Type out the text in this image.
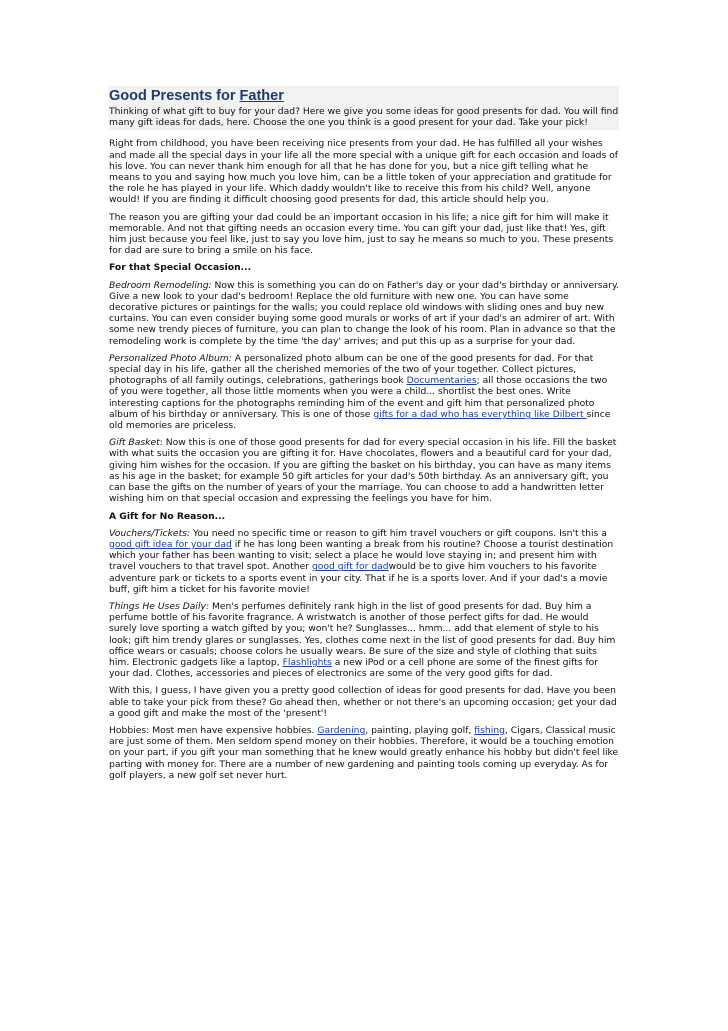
Good Presents for Father

Thinking of what gift to buy for your dad? Here we give you some ideas for good presents for dad. You will find many gift ideas for dads, here. Choose the one you think is a good present for your dad. Take your pick!

Right from childhood, you have been receiving nice presents from your dad. He has fulfilled all your wishes and made all the special days in your life all the more special with a unique gift for each occasion and loads of his love. You can never thank him enough for all that he has done for you, but a nice gift telling what he means to you and saying how much you love him, can be a little token of your appreciation and gratitude for the role he has played in your life. Which daddy wouldn't like to receive this from his child? Well, anyone would! If you are finding it difficult choosing good presents for dad, this article should help you.

The reason you are gifting your dad could be an important occasion in his life; a nice gift for him will make it memorable. And not that gifting needs an occasion every time. You can gift your dad, just like that! Yes, gift him just because you feel like, just to say you love him, just to say he means so much to you. These presents for dad are sure to bring a smile on his face.

For that Special Occasion...

Bedroom Remodeling: Now this is something you can do on Father's day or your dad's birthday or anniversary. Give a new look to your dad's bedroom! Replace the old furniture with new one. You can have some decorative pictures or paintings for the walls; you could replace old windows with sliding ones and buy new curtains. You can even consider buying some good murals or works of art if your dad's an admirer of art. With some new trendy pieces of furniture, you can plan to change the look of his room. Plan in advance so that the remodeling work is complete by the time 'the day' arrives; and put this up as a surprise for your dad.

Personalized Photo Album: A personalized photo album can be one of the good presents for dad. For that special day in his life, gather all the cherished memories of the two of your together. Collect pictures, photographs of all family outings, celebrations, gatherings book Documentaries; all those occasions the two of you were together, all those little moments when you were a child... shortlist the best ones. Write interesting captions for the photographs reminding him of the event and gift him that personalized photo album of his birthday or anniversary. This is one of those gifts for a dad who has everything like Dilbert since old memories are priceless.

Gift Basket: Now this is one of those good presents for dad for every special occasion in his life. Fill the basket with what suits the occasion you are gifting it for. Have chocolates, flowers and a beautiful card for your dad, giving him wishes for the occasion. If you are gifting the basket on his birthday, you can have as many items as his age in the basket; for example 50 gift articles for your dad's 50th birthday. As an anniversary gift, you can base the gifts on the number of years of your the marriage. You can choose to add a handwritten letter wishing him on that special occasion and expressing the feelings you have for him.

A Gift for No Reason...

Vouchers/Tickets: You need no specific time or reason to gift him travel vouchers or gift coupons. Isn't this a good gift idea for your dad if he has long been wanting a break from his routine? Choose a tourist destination which your father has been wanting to visit; select a place he would love staying in; and present him with travel vouchers to that travel spot. Another good gift for dadwould be to give him vouchers to his favorite adventure park or tickets to a sports event in your city. That if he is a sports lover. And if your dad's a movie buff, gift him a ticket for his favorite movie!

Things He Uses Daily: Men's perfumes definitely rank high in the list of good presents for dad. Buy him a perfume bottle of his favorite fragrance. A wristwatch is another of those perfect gifts for dad. He would surely love sporting a watch gifted by you; won't he? Sunglasses... hmm... add that element of style to his look; gift him trendy glares or sunglasses. Yes, clothes come next in the list of good presents for dad. Buy him office wears or casuals; choose colors he usually wears. Be sure of the size and style of clothing that suits him. Electronic gadgets like a laptop, Flashlights a new iPod or a cell phone are some of the finest gifts for your dad. Clothes, accessories and pieces of electronics are some of the very good gifts for dad.

With this, I guess, I have given you a pretty good collection of ideas for good presents for dad. Have you been able to take your pick from these? Go ahead then, whether or not there's an upcoming occasion; get your dad a good gift and make the most of the 'present'!

Hobbies: Most men have expensive hobbies. Gardening, painting, playing golf, fishing, Cigars, Classical music are just some of them. Men seldom spend money on their hobbies. Therefore, it would be a touching emotion on your part, if you gift your man something that he knew would greatly enhance his hobby but didn't feel like parting with money for. There are a number of new gardening and painting tools coming up everyday. As for golf players, a new golf set never hurt.
